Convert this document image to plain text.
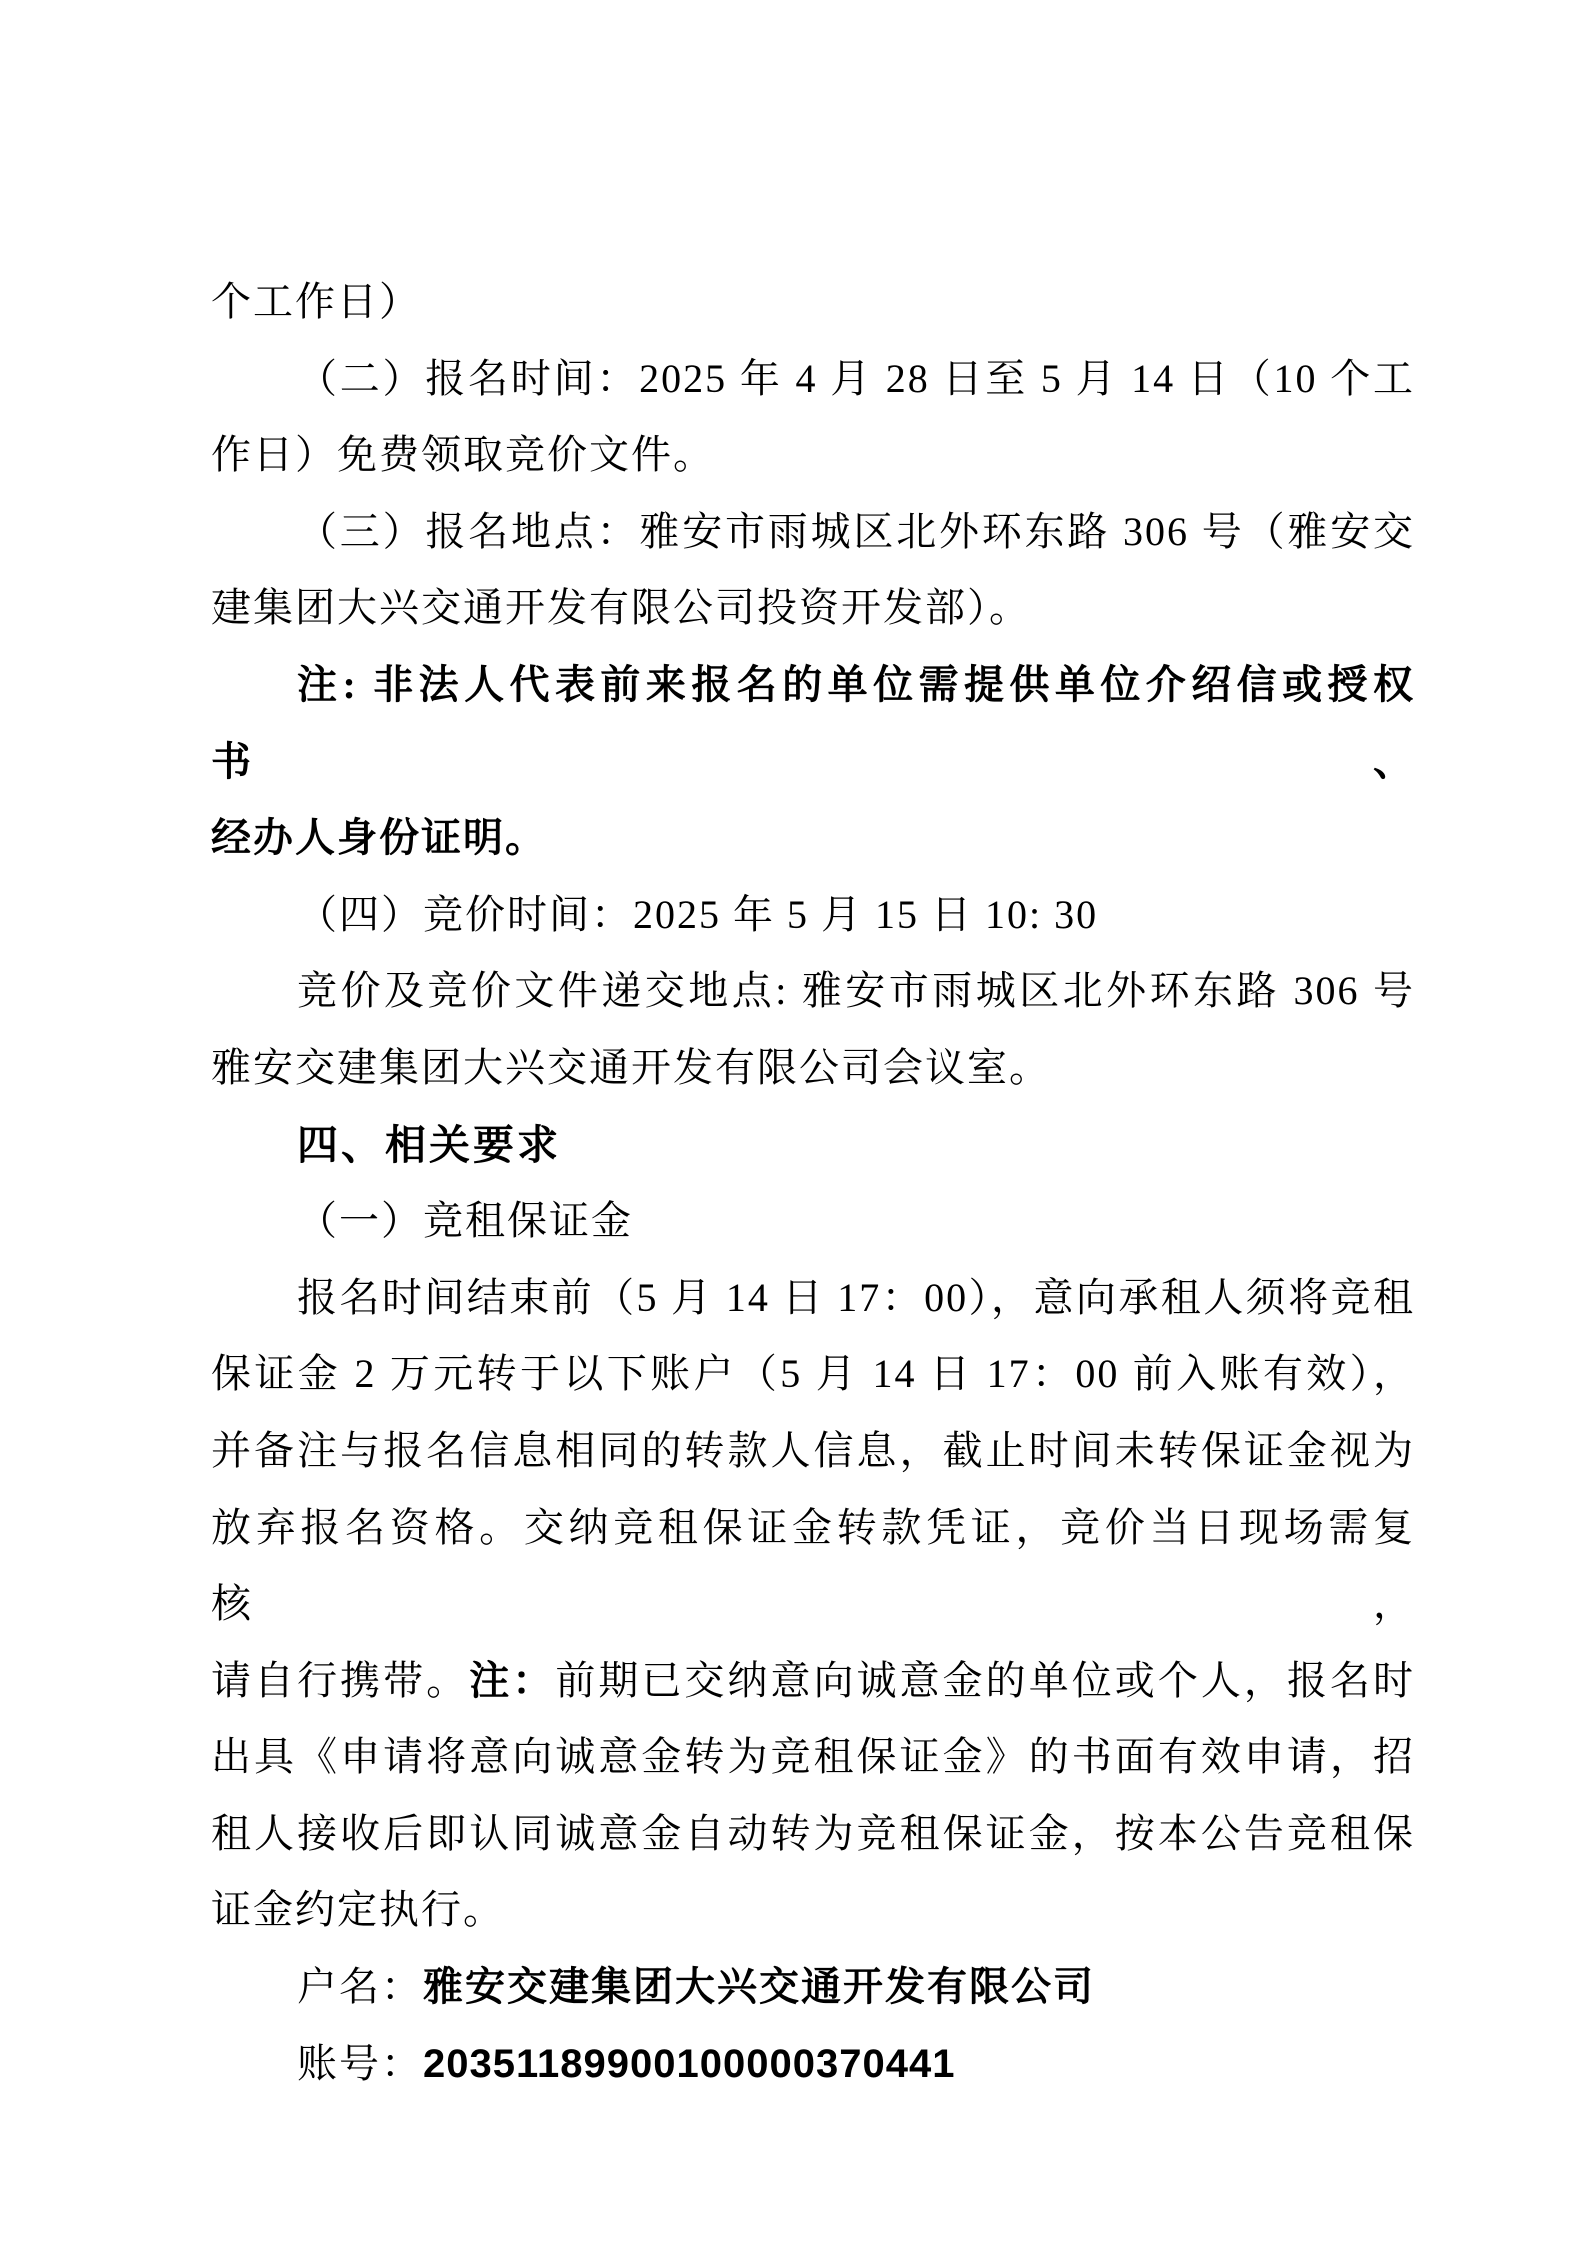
个工作日）
（二）报名时间：2025 年 4 月 28 日至 5 月 14 日（10 个工
作日）免费领取竞价文件。
（三）报名地点：雅安市雨城区北外环东路 306 号（雅安交
建集团大兴交通开发有限公司投资开发部）。
注: 非法人代表前来报名的单位需提供单位介绍信或授权书、
经办人身份证明。
（四）竞价时间：2025 年 5 月 15 日 10: 30
竞价及竞价文件递交地点: 雅安市雨城区北外环东路 306 号
雅安交建集团大兴交通开发有限公司会议室。
四、相关要求
（一）竞租保证金
报名时间结束前（5 月 14 日 17：00），意向承租人须将竞租
保证金 2 万元转于以下账户（5 月 14 日 17：00 前入账有效），
并备注与报名信息相同的转款人信息，截止时间未转保证金视为
放弃报名资格。交纳竞租保证金转款凭证，竞价当日现场需复核，
请自行携带。注：前期已交纳意向诚意金的单位或个人，报名时
出具《申请将意向诚意金转为竞租保证金》的书面有效申请，招
租人接收后即认同诚意金自动转为竞租保证金，按本公告竞租保
证金约定执行。
户名：雅安交建集团大兴交通开发有限公司
账号：20351189900100000370441
